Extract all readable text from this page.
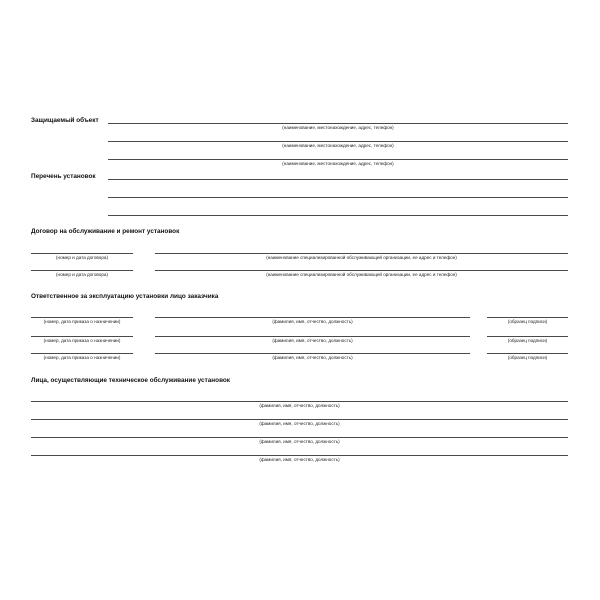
Защищаемый объект
(наименование, местонахождение, адрес, телефон)
(наименование, местонахождение, адрес, телефон)
(наименование, местонахождение, адрес, телефон)
Перечень установок
Договор на обслуживание и ремонт установок
(номер и дата договора)	(наименование специализированной обслуживающей организации, ее адрес и телефон)
(номер и дата договора)	(наименование специализированной обслуживающей организации, ее адрес и телефон)
Ответственное за эксплуатацию установки лицо заказчика
(номер, дата приказа о назначении)	(фамилия, имя, отчество, должность)	(образец подписи)
(номер, дата приказа о назначении)	(фамилия, имя, отчество, должность)	(образец подписи)
(номер, дата приказа о назначении)	(фамилия, имя, отчество, должность)	(образец подписи)
Лица, осуществляющие техническое обслуживание установок
(фамилия, имя, отчество, должность)
(фамилия, имя, отчество, должность)
(фамилия, имя, отчество, должность)
(фамилия, имя, отчество, должность)
